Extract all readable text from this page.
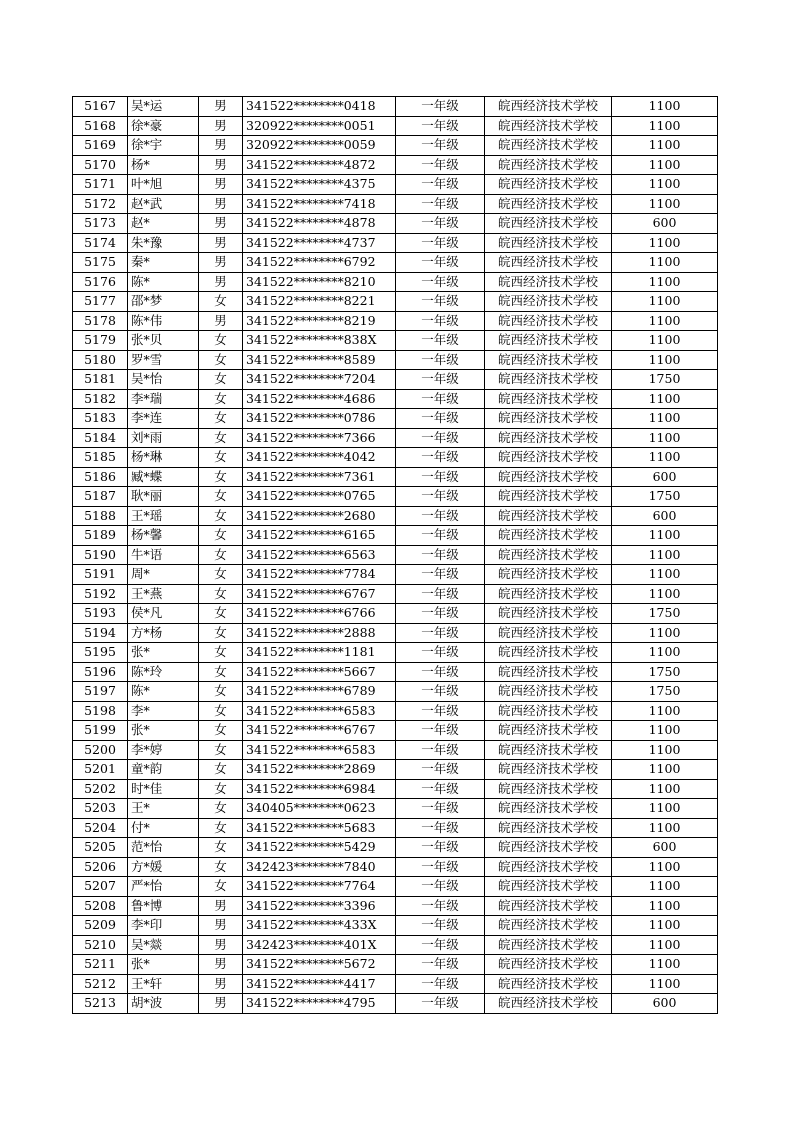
5167	吴*运	男	341522********0418	一年级	皖西经济技术学校	1100
5168	徐*豪	男	320922********0051	一年级	皖西经济技术学校	1100
5169	徐*宇	男	320922********0059	一年级	皖西经济技术学校	1100
5170	杨*	男	341522********4872	一年级	皖西经济技术学校	1100
5171	叶*旭	男	341522********4375	一年级	皖西经济技术学校	1100
5172	赵*武	男	341522********7418	一年级	皖西经济技术学校	1100
5173	赵*	男	341522********4878	一年级	皖西经济技术学校	600
5174	朱*豫	男	341522********4737	一年级	皖西经济技术学校	1100
5175	秦*	男	341522********6792	一年级	皖西经济技术学校	1100
5176	陈*	男	341522********8210	一年级	皖西经济技术学校	1100
5177	邵*梦	女	341522********8221	一年级	皖西经济技术学校	1100
5178	陈*伟	男	341522********8219	一年级	皖西经济技术学校	1100
5179	张*贝	女	341522********838X	一年级	皖西经济技术学校	1100
5180	罗*雪	女	341522********8589	一年级	皖西经济技术学校	1100
5181	吴*怡	女	341522********7204	一年级	皖西经济技术学校	1750
5182	李*瑞	女	341522********4686	一年级	皖西经济技术学校	1100
5183	李*连	女	341522********0786	一年级	皖西经济技术学校	1100
5184	刘*雨	女	341522********7366	一年级	皖西经济技术学校	1100
5185	杨*琳	女	341522********4042	一年级	皖西经济技术学校	1100
5186	臧*蝶	女	341522********7361	一年级	皖西经济技术学校	600
5187	耿*丽	女	341522********0765	一年级	皖西经济技术学校	1750
5188	王*瑶	女	341522********2680	一年级	皖西经济技术学校	600
5189	杨*馨	女	341522********6165	一年级	皖西经济技术学校	1100
5190	牛*语	女	341522********6563	一年级	皖西经济技术学校	1100
5191	周*	女	341522********7784	一年级	皖西经济技术学校	1100
5192	王*燕	女	341522********6767	一年级	皖西经济技术学校	1100
5193	侯*凡	女	341522********6766	一年级	皖西经济技术学校	1750
5194	方*杨	女	341522********2888	一年级	皖西经济技术学校	1100
5195	张*	女	341522********1181	一年级	皖西经济技术学校	1100
5196	陈*玲	女	341522********5667	一年级	皖西经济技术学校	1750
5197	陈*	女	341522********6789	一年级	皖西经济技术学校	1750
5198	李*	女	341522********6583	一年级	皖西经济技术学校	1100
5199	张*	女	341522********6767	一年级	皖西经济技术学校	1100
5200	李*婷	女	341522********6583	一年级	皖西经济技术学校	1100
5201	童*韵	女	341522********2869	一年级	皖西经济技术学校	1100
5202	时*佳	女	341522********6984	一年级	皖西经济技术学校	1100
5203	王*	女	340405********0623	一年级	皖西经济技术学校	1100
5204	付*	女	341522********5683	一年级	皖西经济技术学校	1100
5205	范*怡	女	341522********5429	一年级	皖西经济技术学校	600
5206	方*媛	女	342423********7840	一年级	皖西经济技术学校	1100
5207	严*怡	女	341522********7764	一年级	皖西经济技术学校	1100
5208	鲁*博	男	341522********3396	一年级	皖西经济技术学校	1100
5209	李*印	男	341522********433X	一年级	皖西经济技术学校	1100
5210	吴*燚	男	342423********401X	一年级	皖西经济技术学校	1100
5211	张*	男	341522********5672	一年级	皖西经济技术学校	1100
5212	王*轩	男	341522********4417	一年级	皖西经济技术学校	1100
5213	胡*波	男	341522********4795	一年级	皖西经济技术学校	600
